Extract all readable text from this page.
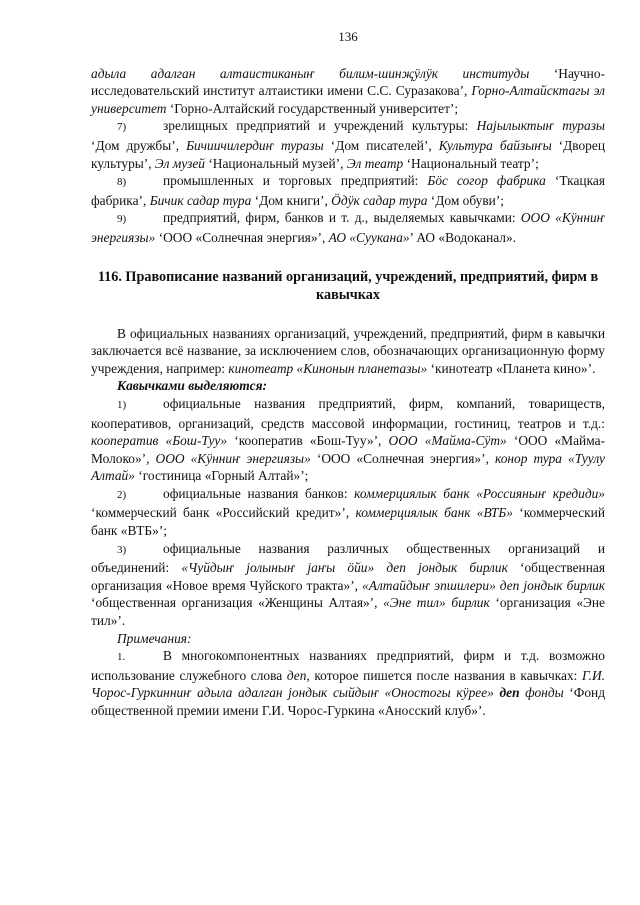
136

адыла адалган алтаистиканыҥ билим-шинҗӱлӱк институды ‘Научно-исследовательский институт алтаистики имени С.С. Суразакова’, Горно-Алтайсктагы эл университет ‘Горно-Алтайский государственный университет’;

7)	зрелищных предприятий и учреждений культуры: Наjылыктыҥ туразы ‘Дом дружбы’, Бичиичилердиҥ туразы ‘Дом писателей’, Культура байзыҥы ‘Дворец культуры’, Эл музей ‘Национальный музей’, Эл театр ‘Национальный театр’;

8)	промышленных и торговых предприятий: Бӧс согор фабрика ‘Ткацкая фабрика’, Бичик садар тура ‘Дом книги’, Ӧдӱк садар тура ‘Дом обуви’;

9)	предприятий, фирм, банков и т. д., выделяемых кавычками: ООО «Кӱнниҥ энергиязы» ‘ООО «Солнечная энергия»’, АО «Суукана»’ АО «Водоканал».

116. Правописание названий организаций, учреждений, предприятий, фирм в кавычках

В официальных названиях организаций, учреждений, предприятий, фирм в кавычки заключается всё название, за исключением слов, обозначающих организационную форму учреждения, например: кинотеатр «Кинонын планетазы» ‘кинотеатр «Планета кино»’.

Кавычками выделяются:

1)	официальные названия предприятий, фирм, компаний, товариществ, кооперативов, организаций, средств массовой информации, гостиниц, театров и т.д.: кооператив «Бош-Туу» ‘кооператив «Бош-Туу»’, ООО «Майма-Сӱт» ‘ООО «Майма-Молоко»’, ООО «Кӱнниҥ энергиязы» ‘ООО «Солнечная энергия»’, конор тура «Туулу Алтай» ‘гостиница «Горный Алтай»’;

2)	официальные названия банков: коммерциялык банк «Россияныҥ кредиди» ‘коммерческий банк «Российский кредит»’, коммерциялык банк «ВТБ» ‘коммерческий банк «ВТБ»’;

3)	официальные названия различных общественных организаций и объединений: «Чуйдыҥ jолыныҥ jаҥы ӧйи» деп jондык бирлик ‘общественная организация «Новое время Чуйского тракта»’, «Алтайдыҥ эпшилери» деп jондык бирлик ‘общественная организация «Женщины Алтая»’, «Эне тил» бирлик ‘организация «Эне тил»’.

Примечания:

1.	В многокомпонентных названиях предприятий, фирм и т.д. возможно использование служебного слова деп, которое пишется после названия в кавычках: Г.И. Чорос-Гуркинниҥ адыла адалган jондык сыйдыҥ «Оностогы кӱрее» деп фонды ‘Фонд общественной премии имени Г.И. Чорос-Гуркина «Аносский клуб»’.
